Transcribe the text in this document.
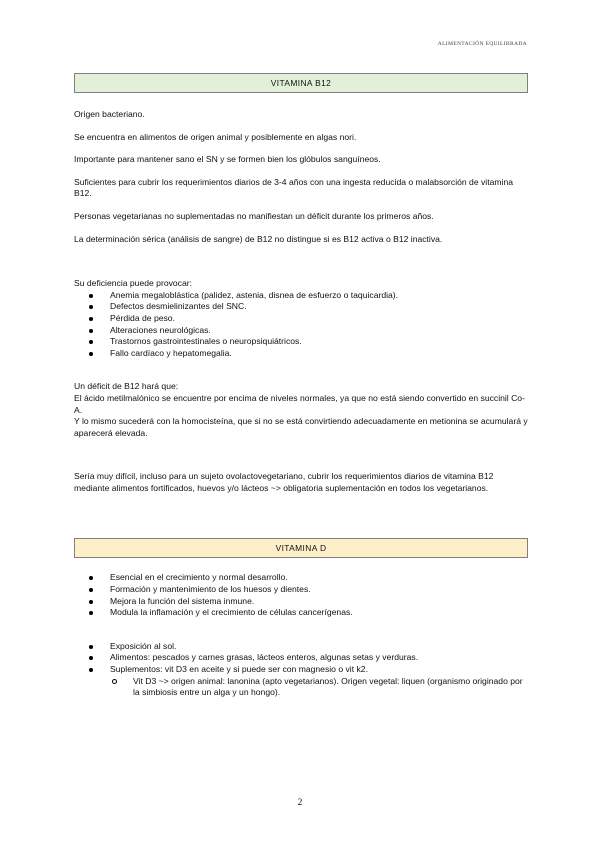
ALIMENTACIÓN EQUILIBRADA
VITAMINA B12

Origen bacteriano.

Se encuentra en alimentos de origen animal y posiblemente en algas nori.

Importante para mantener sano el SN y se formen bien los glóbulos sanguíneos.

Suficientes para cubrir los requerimientos diarios de 3-4 años con una ingesta reducida o malabsorción de vitamina B12.

Personas vegetarianas no suplementadas no manifiestan un déficit durante los primeros años.

La determinación sérica (análisis de sangre) de B12 no distingue si es B12 activa o B12 inactiva.

Su deficiencia puede provocar:

Anemia megaloblástica (palidez, astenia, disnea de esfuerzo o taquicardia).
Defectos desmielinizantes del SNC.
Pérdida de peso.
Alteraciones neurológicas.
Trastornos gastrointestinales o neuropsiquiátricos.
Fallo cardíaco y hepatomegalia.

Un déficit de B12 hará que:

El ácido metilmalónico se encuentre por encima de niveles normales, ya que no está siendo convertido en succinil Co-A.

Y lo mismo sucederá con la homocisteína, que si no se está convirtiendo adecuadamente en metionina se acumulará y aparecerá elevada.

Sería muy difícil, incluso para un sujeto ovolactovegetariano, cubrir los requerimientos diarios de vitamina B12 mediante alimentos fortificados, huevos y/o lácteos ~> obligatoria suplementación en todos los vegetarianos.

VITAMINA D
Esencial en el crecimiento y normal desarrollo.
Formación y mantenimiento de los huesos y dientes.
Mejora la función del sistema inmune.
Modula la inflamación y el crecimiento de células cancerígenas.
Exposición al sol.
Alimentos: pescados y carnes grasas, lácteos enteros, algunas setas y verduras.
Suplementos: vit D3 en aceite y si puede ser con magnesio o vit k2.
Vit D3 ~> origen animal: lanonina (apto vegetarianos). Origen vegetal: liquen (organismo originado por la simbiosis entre un alga y un hongo).
2
